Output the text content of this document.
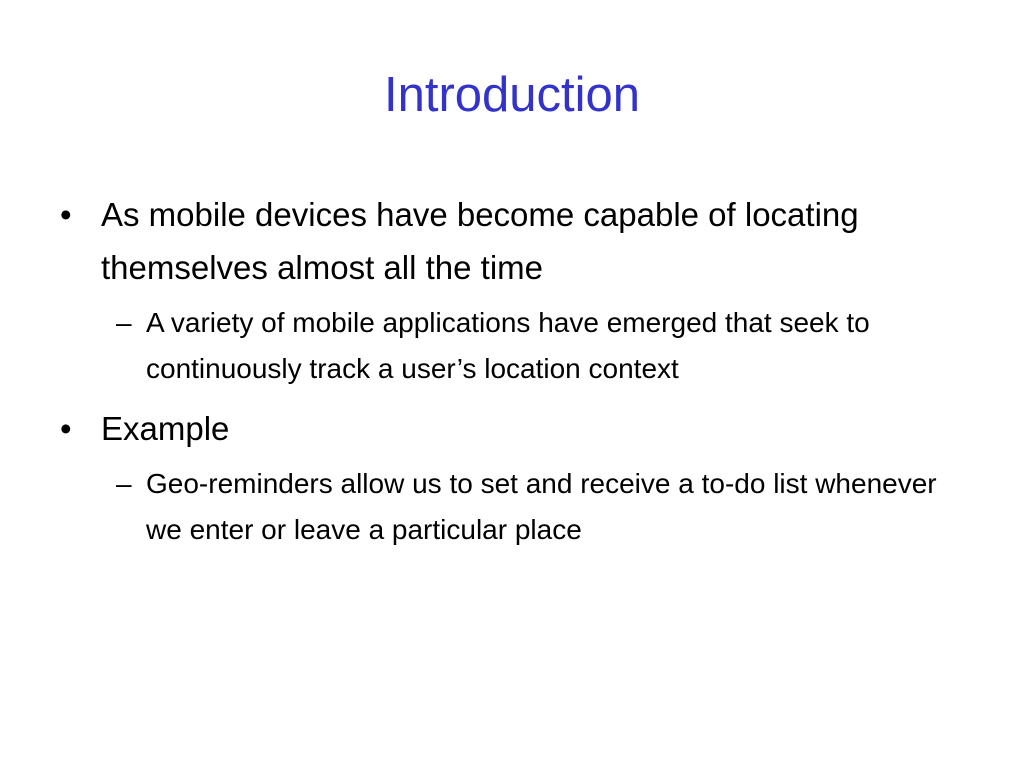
Introduction
• As mobile devices have become capable of locating themselves almost all the time
– A variety of mobile applications have emerged that seek to continuously track a user’s location context
• Example
– Geo-reminders allow us to set and receive a to-do list whenever we enter or leave a particular place
